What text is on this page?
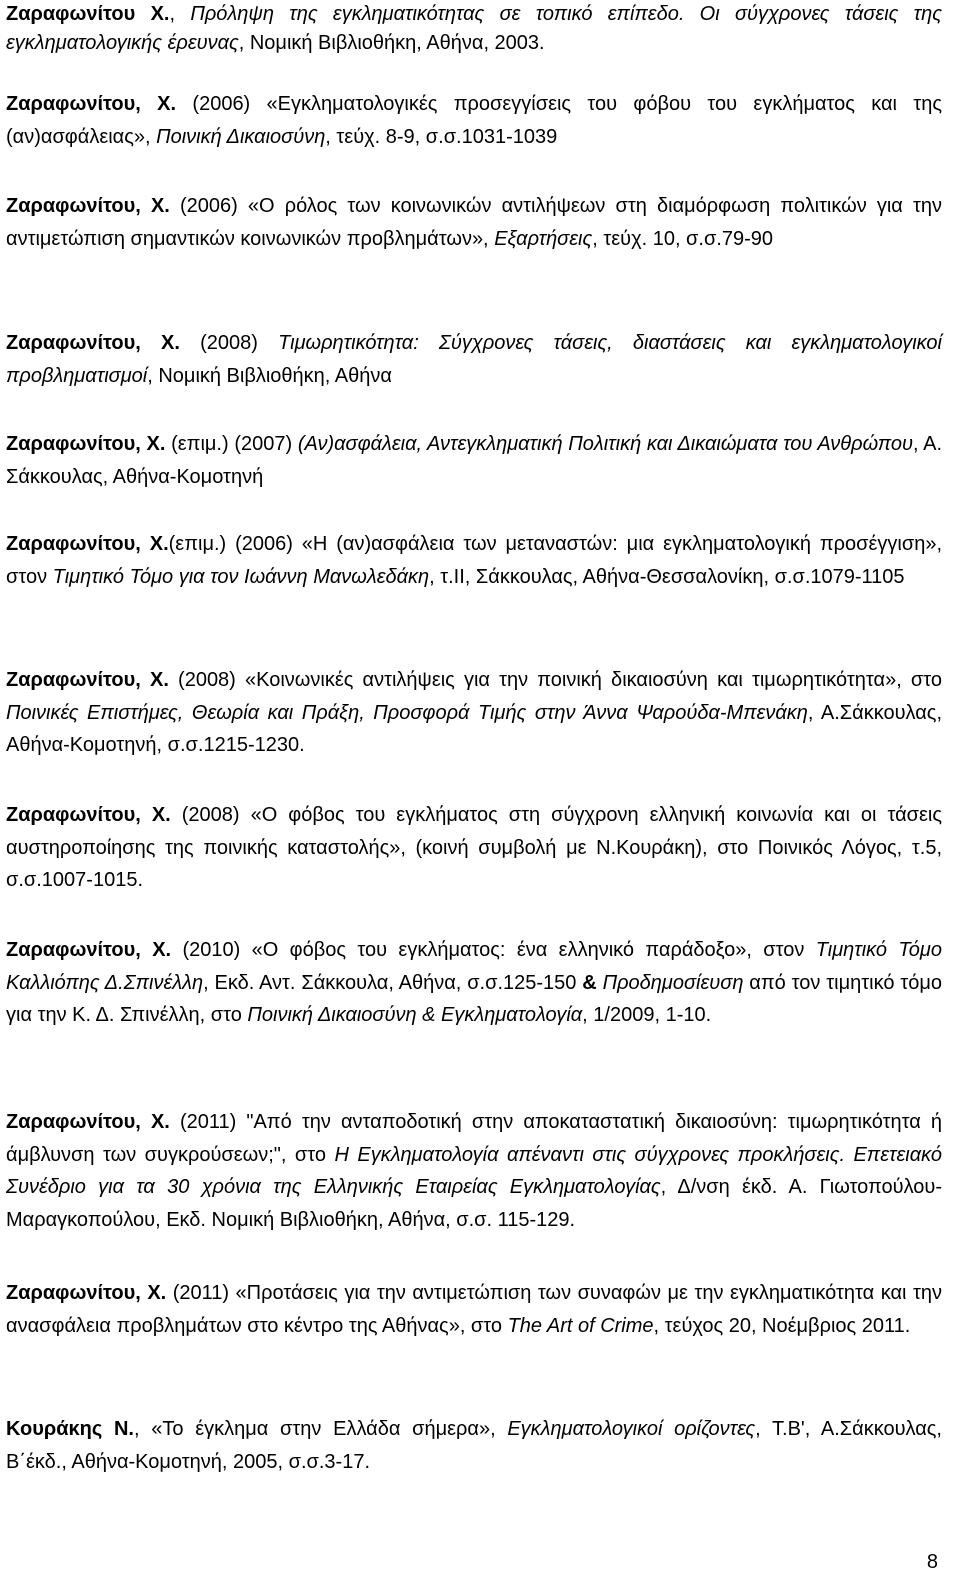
Ζαραφωνίτου Χ., Πρόληψη της εγκληματικότητας σε τοπικό επίπεδο. Οι σύγχρονες τάσεις της εγκληματολογικής έρευνας, Νομική Βιβλιοθήκη, Αθήνα, 2003.

Ζαραφωνίτου, Χ. (2006) «Εγκληματολογικές προσεγγίσεις του φόβου του εγκλήματος και της (αν)ασφάλειας», Ποινική Δικαιοσύνη, τεύχ. 8-9, σ.σ.1031-1039

Ζαραφωνίτου, Χ. (2006) «Ο ρόλος των κοινωνικών αντιλήψεων στη διαμόρφωση πολιτικών για την αντιμετώπιση σημαντικών κοινωνικών προβλημάτων», Εξαρτήσεις, τεύχ. 10, σ.σ.79-90

Ζαραφωνίτου, Χ. (2008) Τιμωρητικότητα: Σύγχρονες τάσεις, διαστάσεις και εγκληματολογικοί προβληματισμοί, Νομική Βιβλιοθήκη, Αθήνα

Ζαραφωνίτου, Χ. (επιμ.) (2007) (Αν)ασφάλεια, Αντεγκληματική Πολιτική και Δικαιώματα του Ανθρώπου, Α. Σάκκουλας, Αθήνα-Κομοτηνή

Ζαραφωνίτου, Χ.(επιμ.) (2006) «Η (αν)ασφάλεια των μεταναστών: μια εγκληματολογική προσέγγιση», στον Τιμητικό Τόμο για τον Ιωάννη Μανωλεδάκη, τ.ΙΙ, Σάκκουλας, Αθήνα-Θεσσαλονίκη, σ.σ.1079-1105

Ζαραφωνίτου, Χ. (2008) «Κοινωνικές αντιλήψεις για την ποινική δικαιοσύνη και τιμωρητικότητα», στο Ποινικές Επιστήμες, Θεωρία και Πράξη, Προσφορά Τιμής στην Άννα Ψαρούδα-Μπενάκη, Α.Σάκκουλας, Αθήνα-Κομοτηνή, σ.σ.1215-1230.

Ζαραφωνίτου, Χ. (2008) «Ο φόβος του εγκλήματος στη σύγχρονη ελληνική κοινωνία και οι τάσεις αυστηροποίησης της ποινικής καταστολής», (κοινή συμβολή με Ν.Κουράκη), στο Ποινικός Λόγος, τ.5, σ.σ.1007-1015.

Ζαραφωνίτου, Χ. (2010) «Ο φόβος του εγκλήματος: ένα ελληνικό παράδοξο», στον Τιμητικό Τόμο Καλλιόπης Δ.Σπινέλλη, Εκδ. Αντ. Σάκκουλα, Αθήνα, σ.σ.125-150 & Προδημοσίευση από τον τιμητικό τόμο για την Κ. Δ. Σπινέλλη, στο Ποινική Δικαιοσύνη & Εγκληματολογία, 1/2009, 1-10.

Ζαραφωνίτου, Χ. (2011) "Από την ανταποδοτική στην αποκαταστατική δικαιοσύνη: τιμωρητικότητα ή άμβλυνση των συγκρούσεων;", στο Η Εγκληματολογία απέναντι στις σύγχρονες προκλήσεις. Επετειακό Συνέδριο για τα 30 χρόνια της Ελληνικής Εταιρείας Εγκληματολογίας, Δ/νση έκδ. Α. Γιωτοπούλου-Μαραγκοπούλου, Εκδ. Νομική Βιβλιοθήκη, Αθήνα, σ.σ. 115-129.

Ζαραφωνίτου, Χ. (2011) «Προτάσεις για την αντιμετώπιση των συναφών με την εγκληματικότητα και την ανασφάλεια προβλημάτων στο κέντρο της Αθήνας», στο The Art of Crime, τεύχος 20, Νοέμβριος 2011.

Κουράκης Ν., «Το έγκλημα στην Ελλάδα σήμερα», Εγκληματολογικοί ορίζοντες, Τ.Β', Α.Σάκκουλας, Β΄έκδ., Αθήνα-Κομοτηνή, 2005, σ.σ.3-17.

8
